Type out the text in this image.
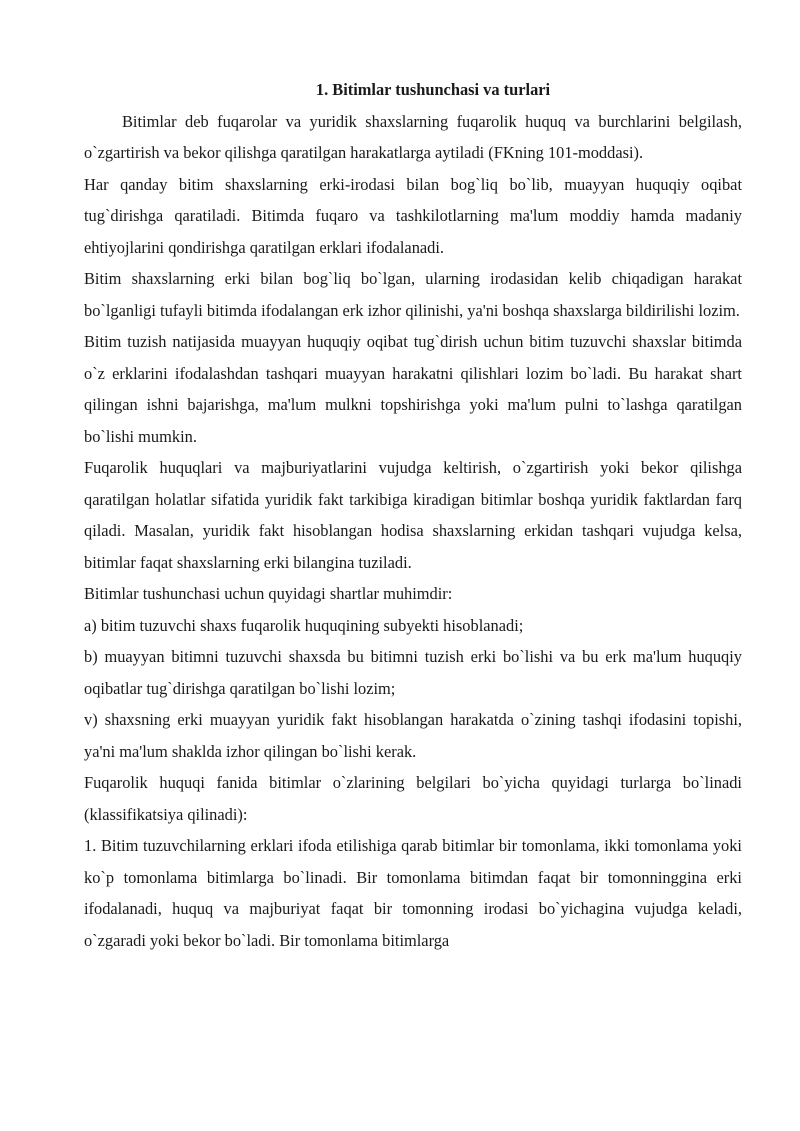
1. Bitimlar tushunchasi va turlari

Bitimlar deb fuqarolar va yuridik shaxslarning fuqarolik huquq va burchlarini belgilash, o`zgartirish va bekor qilishga qaratilgan harakatlarga aytiladi (FKning 101-moddasi).

Har qanday bitim shaxslarning erki-irodasi bilan bog`liq bo`lib, muayyan huquqiy oqibat tug`dirishga qaratiladi. Bitimda fuqaro va tashkilotlarning ma'lum moddiy hamda madaniy ehtiyojlarini qondirishga qaratilgan erklari ifodalanadi.

Bitim shaxslarning erki bilan bog`liq bo`lgan, ularning irodasidan kelib chiqadigan harakat bo`lganligi tufayli bitimda ifodalangan erk izhor qilinishi, ya'ni boshqa shaxslarga bildirilishi lozim.

Bitim tuzish natijasida muayyan huquqiy oqibat tug`dirish uchun bitim tuzuvchi shaxslar bitimda o`z erklarini ifodalashdan tashqari muayyan harakatni qilishlari lozim bo`ladi. Bu harakat shart qilingan ishni bajarishga, ma'lum mulkni topshirishga yoki ma'lum pulni to`lashga qaratilgan bo`lishi mumkin.

Fuqarolik huquqlari va majburiyatlarini vujudga keltirish, o`zgartirish yoki bekor qilishga qaratilgan holatlar sifatida yuridik fakt tarkibiga kiradigan bitimlar boshqa yuridik faktlardan farq qiladi. Masalan, yuridik fakt hisoblangan hodisa shaxslarning erkidan tashqari vujudga kelsa, bitimlar faqat shaxslarning erki bilangina tuziladi.

Bitimlar tushunchasi uchun quyidagi shartlar muhimdir:

a) bitim tuzuvchi shaxs fuqarolik huquqining subyekti hisoblanadi;

b) muayyan bitimni tuzuvchi shaxsda bu bitimni tuzish erki bo`lishi va bu erk ma'lum huquqiy oqibatlar tug`dirishga qaratilgan bo`lishi lozim;

v) shaxsning erki muayyan yuridik fakt hisoblangan harakatda o`zining tashqi ifodasini topishi, ya'ni ma'lum shaklda izhor qilingan bo`lishi kerak.

Fuqarolik huquqi fanida bitimlar o`zlarining belgilari bo`yicha quyidagi turlarga bo`linadi (klassifikatsiya qilinadi):

1. Bitim tuzuvchilarning erklari ifoda etilishiga qarab bitimlar bir tomonlama, ikki tomonlama yoki ko`p tomonlama bitimlarga bo`linadi. Bir tomonlama bitimdan faqat bir tomonninggina erki ifodalanadi, huquq va majburiyat faqat bir tomonning irodasi bo`yichagina vujudga keladi, o`zgaradi yoki bekor bo`ladi. Bir tomonlama bitimlarga
